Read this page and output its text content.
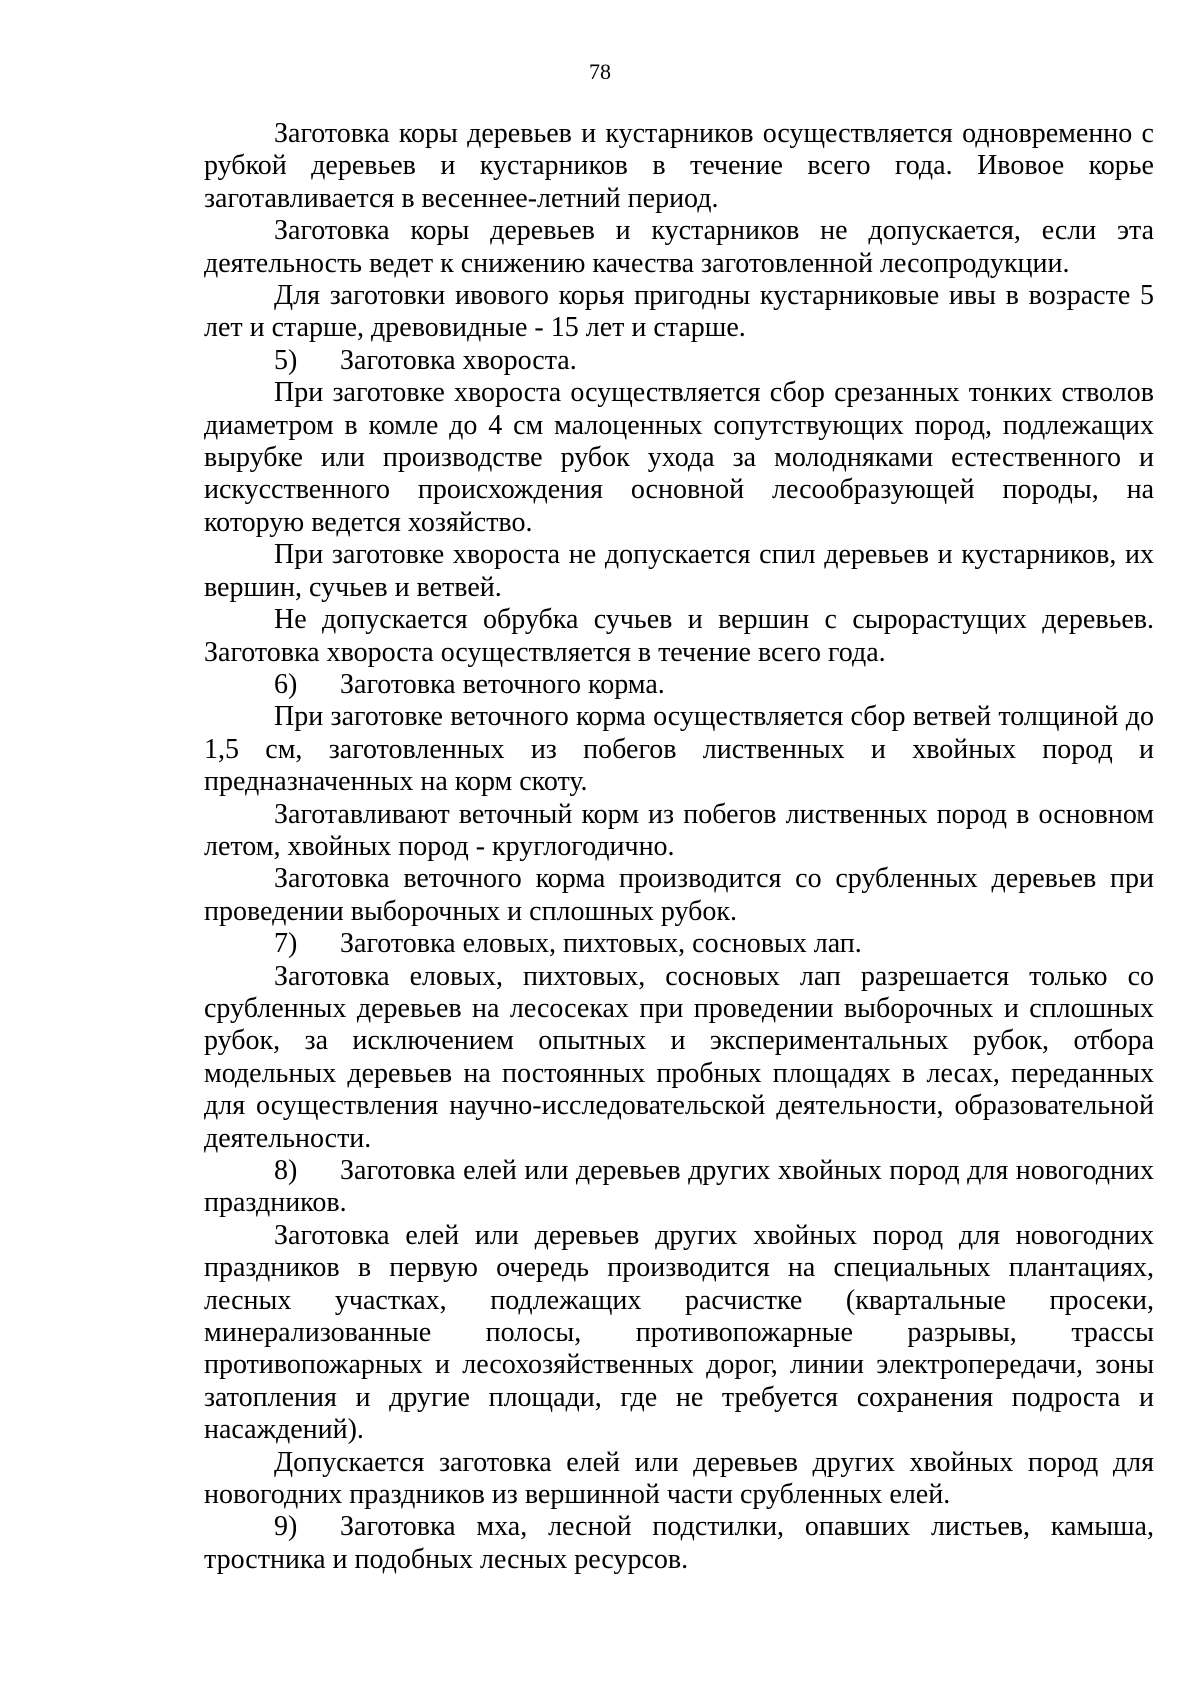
78

Заготовка коры деревьев и кустарников осуществляется одновременно с рубкой деревьев и кустарников в течение всего года. Ивовое корье заготавливается в весеннее-летний период.

Заготовка коры деревьев и кустарников не допускается, если эта деятельность ведет к снижению качества заготовленной лесопродукции.

Для заготовки ивового корья пригодны кустарниковые ивы в возрасте 5 лет и старше, древовидные - 15 лет и старше.

5) Заготовка хвороста.

При заготовке хвороста осуществляется сбор срезанных тонких стволов диаметром в комле до 4 см малоценных сопутствующих пород, подлежащих вырубке или производстве рубок ухода за молодняками естественного и искусственного происхождения основной лесообразующей породы, на которую ведется хозяйство.

При заготовке хвороста не допускается спил деревьев и кустарников, их вершин, сучьев и ветвей.

Не допускается обрубка сучьев и вершин с сырорастущих деревьев. Заготовка хвороста осуществляется в течение всего года.

6) Заготовка веточного корма.

При заготовке веточного корма осуществляется сбор ветвей толщиной до 1,5 см, заготовленных из побегов лиственных и хвойных пород и предназначенных на корм скоту.

Заготавливают веточный корм из побегов лиственных пород в основном летом, хвойных пород - круглогодично.

Заготовка веточного корма производится со срубленных деревьев при проведении выборочных и сплошных рубок.

7) Заготовка еловых, пихтовых, сосновых лап.

Заготовка еловых, пихтовых, сосновых лап разрешается только со срубленных деревьев на лесосеках при проведении выборочных и сплошных рубок, за исключением опытных и экспериментальных рубок, отбора модельных деревьев на постоянных пробных площадях в лесах, переданных для осуществления научно-исследовательской деятельности, образовательной деятельности.

8) Заготовка елей или деревьев других хвойных пород для новогодних праздников.

Заготовка елей или деревьев других хвойных пород для новогодних праздников в первую очередь производится на специальных плантациях, лесных участках, подлежащих расчистке (квартальные просеки, минерализованные полосы, противопожарные разрывы, трассы противопожарных и лесохозяйственных дорог, линии электропередачи, зоны затопления и другие площади, где не требуется сохранения подроста и насаждений).

Допускается заготовка елей или деревьев других хвойных пород для новогодних праздников из вершинной части срубленных елей.

9) Заготовка мха, лесной подстилки, опавших листьев, камыша, тростника и подобных лесных ресурсов.
